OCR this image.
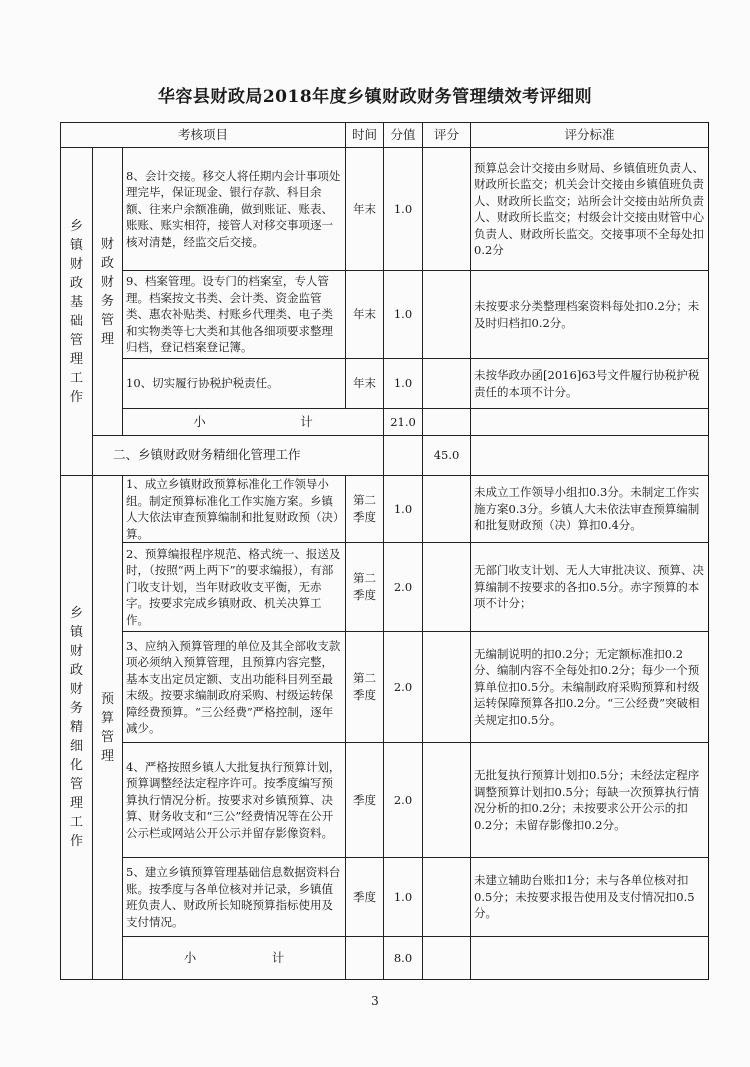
华容县财政局2018年度乡镇财政财务管理绩效考评细则
考核项目			时间	分值	评分	评分标准	
乡镇财政基础管理工作	财政财务管理	8、会计交接。移交人将任期内会计事项处理完毕，保证现金、银行存款、科目余额、往来户余额准确，做到账证、账表、账账、账实相符，接管人对移交事项逐一核对清楚，经监交后交接。	年末	1.0		预算总会计交接由乡财局、乡镇值班负责人、财政所长监交；机关会计交接由乡镇值班负责人、财政所长监交；站所会计交接由站所负责人、财政所长监交；村级会计交接由财管中心负责人、财政所长监交。交接事项不全每处扣0.2分	
		9、档案管理。设专门的档案室，专人管理。档案按文书类、会计类、资金监管类、惠农补贴类、村账乡代理类、电子类和实物类等七大类和其他各细项要求整理归档，登记档案登记簿。	年末	1.0		未按要求分类整理档案资料每处扣0.2分；未及时归档扣0.2分。	
		10、切实履行协税护税责任。	年末	1.0		未按华政办函[2016]63号文件履行协税护税责任的本项不计分。	

		小 计		21.0			
	二、乡镇财政财务精细化管理工作				45.0		
乡镇财政财务精细化管理工作	预算管理	1、成立乡镇财政预算标准化工作领导小组。制定预算标准化工作实施方案。乡镇人大依法审查预算编制和批复财政预（决）算。	第二季度	1.0		未成立工作领导小组扣0.3分。未制定工作实施方案0.3分。乡镇人大未依法审查预算编制和批复财政预（决）算扣0.4分。	
		2、预算编报程序规范、格式统一、报送及时，（按照“两上两下”的要求编报），有部门收支计划，当年财政收支平衡，无赤字。按要求完成乡镇财政、机关决算工作。	第二季度	2.0		无部门收支计划、无人大审批决议、预算、决算编制不按要求的各扣0.5分。赤字预算的本项不计分；	
		3、应纳入预算管理的单位及其全部收支款项必须纳入预算管理，且预算内容完整，基本支出定员定额、支出功能科目列至最末级。按要求编制政府采购、村级运转保障经费预算。“三公经费”严格控制，逐年减少。	第二季度	2.0		无编制说明的扣0.2分；无定额标准扣0.2分、编制内容不全每处扣0.2分；每少一个预算单位扣0.5分。未编制政府采购预算和村级运转保障预算各扣0.2分。“三公经费”突破相关规定扣0.5分。	
		4、严格按照乡镇人大批复执行预算计划，预算调整经法定程序许可。按季度编写预算执行情况分析。按要求对乡镇预算、决算、财务收支和“三公”经费情况等在公开公示栏或网站公开公示并留存影像资料。	季度	2.0		无批复执行预算计划扣0.5分；未经法定程序调整预算计划扣0.5分；每缺一次预算执行情况分析的扣0.2分；未按要求公开公示的扣0.2分；未留存影像扣0.2分。	
		5、建立乡镇预算管理基础信息数据资料台账。按季度与各单位核对并记录，乡镇值班负责人、财政所长知晓预算指标使用及支付情况。	季度	1.0		未建立辅助台账扣1分；未与各单位核对扣0.5分；未按要求报告使用及支付情况扣0.5分。	

		小 计		8.0			
3
